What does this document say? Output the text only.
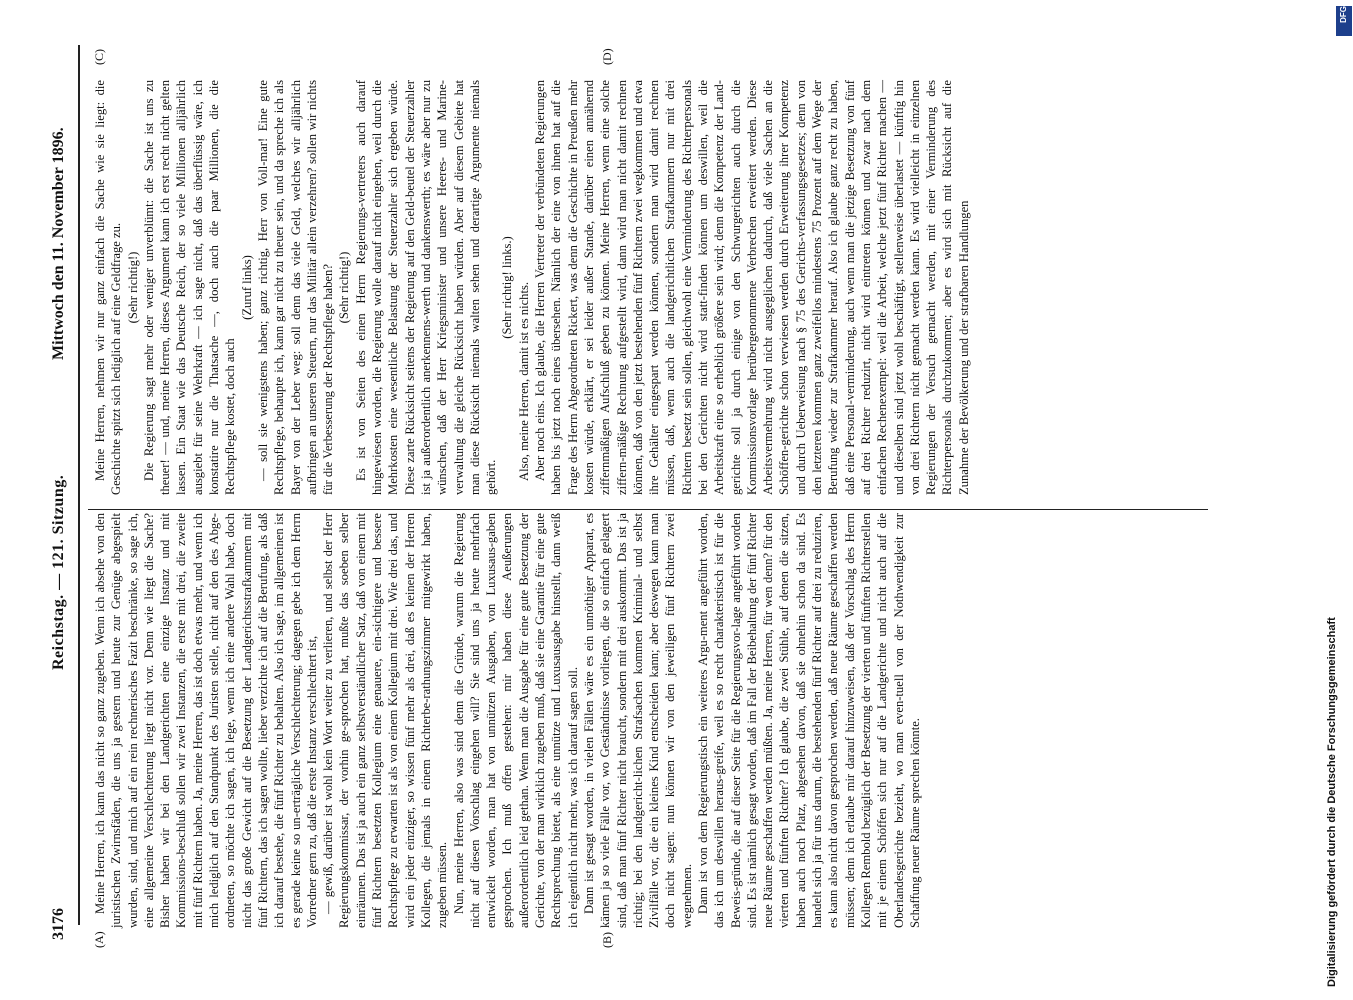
3176
Reichstag. — 121. Sitzung.
Mittwoch den 11. November 1896.
(A)	(B)
(C)	(D)

Meine Herren, ich kann das nicht so ganz zugeben. Wenn ich absehe von den juristischen Zwirnsfäden, die uns ja gestern und heute zur Genüge abgespielt wurden, sind, und mich auf ein rein rechnerisches Fazit beschränke, so sage ich, eine allgemeine Verschlechterung liegt nicht vor. Denn wie liegt die Sache? Bisher haben wir bei den Landgerichten eine einzige Instanz und mit Kommissions-beschluß sollen wir zwei Instanzen, die erste mit drei, die zweite mit fünf Richtern haben. Ja, meine Herren, das ist doch etwas mehr, und wenn ich mich lediglich auf den Standpunkt des Juristen stelle, nicht auf den des Abge-ordneten, so möchte ich sagen, ich lege, wenn ich eine andere Wahl habe, doch nicht das große Gewicht auf die Besetzung der Landgerichtsstrafkammern mit fünf Richtern, das ich sagen wollte, lieber verzichte ich auf die Berufung, als daß ich darauf bestehe, die fünf Richter zu behalten. Also ich sage, im allgemeinen ist es gerade keine so un-erträgliche Verschlechterung; dagegen gebe ich dem Herrn Vorredner gern zu, daß die erste Instanz verschlechtert ist, — gewiß, darüber ist wohl kein Wort weiter zu verlieren, und selbst der Herr Regierungskommissar, der vorhin ge-sprochen hat, mußte das soeben selber einräumen. Das ist ja auch ein ganz selbstverständlicher Satz, daß von einem mit fünf Richtern besetzten Kollegium eine genauere, ein-sichtigere und bessere Rechtspflege zu erwarten ist als von einem Kollegium mit drei. Wie drei das, und wird ein jeder einziger, so wissen fünf mehr als drei, daß es keinen der Herren Kollegen, die jemals in einem Richterbe-rathungszimmer mitgewirkt haben, zugeben müssen. Nun, meine Herren, also was sind denn die Gründe, warum die Regierung nicht auf diesen Vorschlag eingehen will? Sie sind uns ja heute mehrfach entwickelt worden, man hat von unnützen Ausgaben, von Luxusaus-gaben gesprochen. Ich muß offen gestehen: mir haben diese Aeußerungen außerordentlich leid gethan. Wenn man die Ausgabe für eine gute Besetzung der Gerichte, von der man wirklich zugeben muß, daß sie eine Garantie für eine gute Rechtsprechung bietet, als eine unnütze und Luxusausgabe hinstellt, dann weiß ich eigentlich nicht mehr, was ich darauf sagen soll. Dann ist gesagt worden, in vielen Fällen wäre es ein unnöthiger Apparat, es kämen ja so viele Fälle vor, wo Geständnisse vorliegen, die so einfach gelagert sind, daß man fünf Richter nicht braucht, sondern mit drei auskommt. Das ist ja richtig; bei den landgericht-lichen Strafsachen kommen Kriminal- und selbst Zivilfälle vor, die ein kleines Kind entscheiden kann; aber deswegen kann man doch nicht sagen: nun können wir von den jeweiligen fünf Richtern zwei wegnehmen. Dann ist von dem Regierungstisch ein weiteres Argu-ment angeführt worden, das ich um deswillen heraus-greife, weil es so recht charakteristisch ist für die Beweis-gründe, die auf dieser Seite für die Regierungsvor-lage angeführt worden sind. Es ist nämlich gesagt worden, daß im Fall der Beibehaltung der fünf Richter neue Räume geschaffen werden müßten. Ja, meine Herren, für wen denn? für den vierten und fünften Richter? Ich glaube, die zwei Stühle, auf denen die sitzen, haben auch noch Platz, abgesehen davon, daß sie ohnehin schon da sind. Es handelt sich ja für uns darum, die bestehenden fünf Richter auf drei zu reduziren, es kann also nicht davon gesprochen werden, daß neue Räume geschaffen werden müssen; denn ich erlaube mir darauf hinzuweisen, daß der Vorschlag des Herrn Kollegen Rembold bezüglich der Besetzung der vierten und fünften Richterstellen mit je einem Schöffen sich nur auf die Landgerichte und nicht auch auf die Oberlandesgerichte bezieht, wo man even-tuell von der Nothwendigkeit zur Schaffung neuer Räume sprechen könnte.

Meine Herren, nehmen wir nur ganz einfach die Sache wie sie liegt: die Geschichte spitzt sich lediglich auf eine Geldfrage zu. (Sehr richtig!) Die Regierung sagt mehr oder weniger unverblümt: die Sache ist uns zu theuer! — und, meine Herren, dieses Argument kann ich erst recht nicht gelten lassen. Ein Staat wie das Deutsche Reich, der so viele Millionen alljährlich ausgiebt für seine Wehrkraft — ich sage nicht, daß das überflüssig wäre, ich konstatire nur die Thatsache —, doch auch die paar Millionen, die die Rechtspflege kostet, doch auch

(Zuruf links) — soll sie wenigstens haben; ganz richtig, Herr von Voll-mar! Eine gute Rechtspflege, behaupte ich, kann gar nicht zu theuer sein, und da spreche ich als Bayer von der Leber weg: soll denn das viele Geld, welches wir alljährlich aufbringen an unseren Steuern, nur das Militär allein verzehren? sollen wir nichts für die Verbesserung der Rechtspflege haben? (Sehr richtig!) Es ist von Seiten des einen Herrn Regierungs-vertreters auch darauf hingewiesen worden, die Regierung wolle darauf nicht eingehen, weil durch die Mehrkosten eine wesentliche Belastung der Steuerzahler sich ergeben würde. Diese zarte Rücksicht seitens der Regierung auf den Geld-beutel der Steuerzahler ist ja außerordentlich anerkennens-werth und dankenswerth; es wäre aber nur zu wünschen, daß der Herr Kriegsminister und unsere Heeres- und Marine-verwaltung die gleiche Rücksicht haben würden. Aber auf diesem Gebiete hat man diese Rücksicht niemals walten sehen und derartige Argumente niemals gehört.

(Sehr richtig! links.) Also, meine Herren, damit ist es nichts. Aber noch eins. Ich glaube, die Herren Vertreter der verbündeten Regierungen haben bis jetzt noch eines übersehen. Nämlich der eine von ihnen hat auf die Frage des Herrn Abgeordneten Rickert, was denn die Geschichte in Preußen mehr kosten würde, erklärt, er sei leider außer Stande, darüber einen annähernd ziffernmäßigen Aufschluß geben zu können. Meine Herren, wenn eine solche ziffern-mäßige Rechnung aufgestellt wird, dann wird man nicht damit rechnen können, daß von den jetzt bestehenden fünf Richtern zwei wegkommen und etwa ihre Gehälter eingespart werden können, sondern man wird damit rechnen müssen, daß, wenn auch die landgerichtlichen Strafkammern nur mit drei Richtern besetzt sein sollen, gleichwohl eine Verminderung des Richterpersonals bei den Gerichten nicht wird statt-finden können um deswillen, weil die Arbeitskraft eine so erheblich größere sein wird; denn die Kompetenz der Land-gerichte soll ja durch einige von den Schwurgerichten auch durch die Kommissionsvorlage herübergenommene Verbrechen erweitert werden. Diese Arbeitsvermehrung wird nicht ausgeglichen dadurch, daß viele Sachen an die Schöffen-gerichte schon verwiesen werden durch Erweiterung ihrer Kompetenz und durch Ueberweisung nach § 75 des Gerichts-verfassungsgesetzes; denn von den letzteren kommen ganz zweifellos mindestens 75 Prozent auf dem Wege der Berufung wieder zur Strafkammer herauf. Also ich glaube ganz recht zu haben, daß eine Personal-verminderung, auch wenn man die jetzige Besetzung von fünf auf drei Richter reduzirt, nicht wird eintreten können und zwar nach dem einfachen Rechenexempel: weil die Arbeit, welche jetzt fünf Richter machen — und dieselben sind jetzt wohl beschäftigt, stellenweise überlastet — künftig hin von drei Richtern nicht gemacht werden kann. Es wird vielleicht in einzelnen Regierungen der Versuch gemacht werden, mit einer Verminderung des Richterpersonals durchzukommen; aber es wird sich mit Rücksicht auf die Zunahme der Bevölkerung und der strafbaren Handlungen

DFG
Digitalisierung gefördert durch die Deutsche Forschungsgemeinschaft
